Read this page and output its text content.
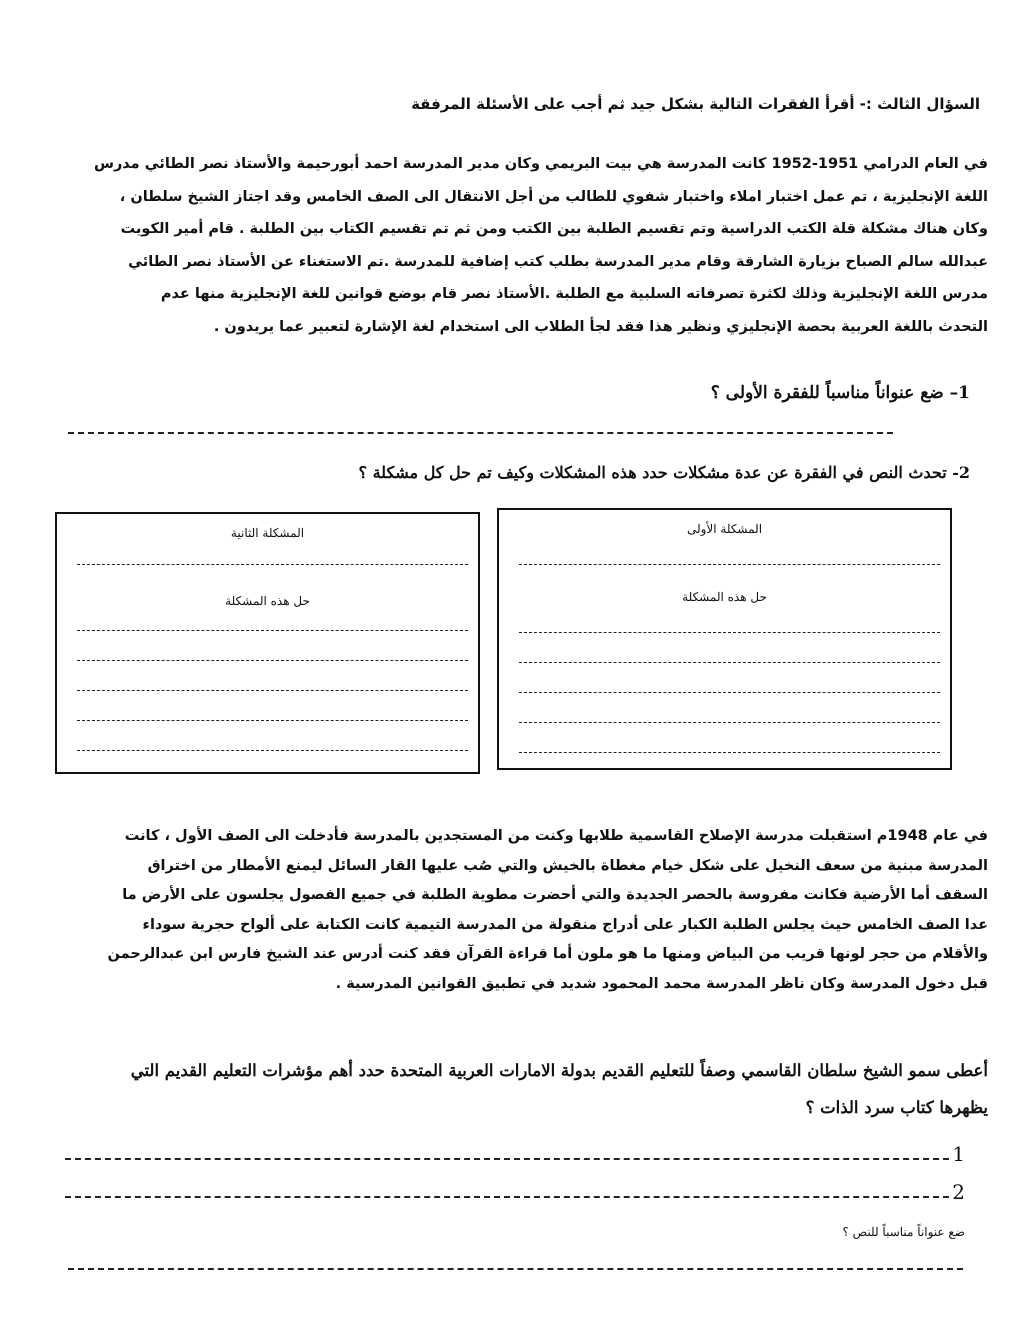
السؤال الثالث :- أقرأ الفقرات التالية بشكل جيد ثم أجب على الأسئلة المرفقة

في العام الدرامي 1951-1952 كانت المدرسة هي بيت البريمي وكان مدير المدرسة احمد أبورحيمة والأستاذ نصر الطائي مدرس

اللغة الإنجليزية ، تم عمل اختبار املاء واختبار شفوي للطالب من أجل الانتقال الى الصف الخامس وقد اجتاز الشيخ سلطان ،

وكان هناك مشكلة قلة الكتب الدراسية وتم تقسيم الطلبة بين الكتب ومن ثم تم تقسيم الكتاب بين الطلبة . قام أمير الكويت

عبدالله سالم الصباح بزيارة الشارقة وقام مدير المدرسة بطلب كتب إضافية للمدرسة .تم الاستغناء عن الأستاذ نصر الطائي

مدرس اللغة الإنجليزية وذلك لكثرة تصرفاته السلبية مع الطلبة .الأستاذ نصر قام بوضع قوانين للغة الإنجليزية منها عدم

التحدث باللغة العربية بحصة الإنجليزي ونظير هذا فقد لجأ الطلاب الى استخدام لغة الإشارة لتعبير عما يريدون .

1– ضع عنواناً مناسباً للفقرة الأولى ؟
2- تحدث النص في الفقرة عن عدة مشكلات حدد هذه المشكلات وكيف تم حل كل مشكلة ؟
المشكلة الأولى
حل هذه المشكلة
المشكلة الثانية
حل هذه المشكلة

في عام 1948م استقبلت مدرسة الإصلاح القاسمية طلابها وكنت من المستجدين بالمدرسة فأدخلت الى الصف الأول ، كانت

المدرسة مبنية من سعف النخيل على شكل خيام مغطاة بالخيش والتي صُب عليها القار السائل ليمنع الأمطار من اختراق

السقف أما الأرضية فكانت مفروسة بالحصر الجديدة والتي أحضرت مطوية الطلبة في جميع الفصول يجلسون على الأرض ما

عدا الصف الخامس حيث يجلس الطلبة الكبار على أدراج منقولة من المدرسة التيمية كانت الكتابة على ألواح حجرية سوداء

والأقلام من حجر لونها قريب من البياض ومنها ما هو ملون أما قراءة القرآن فقد كنت أدرس عند الشيخ فارس ابن عبدالرحمن

قبل دخول المدرسة وكان ناظر المدرسة محمد المحمود شديد في تطبيق القوانين المدرسية .

أعطى سمو الشيخ سلطان القاسمي وصفاً للتعليم القديم بدولة الامارات العربية المتحدة حدد أهم مؤشرات التعليم القديم التي
يظهرها كتاب سرد الذات ؟
1
2
ضع عنواناً مناسباً للنص ؟
